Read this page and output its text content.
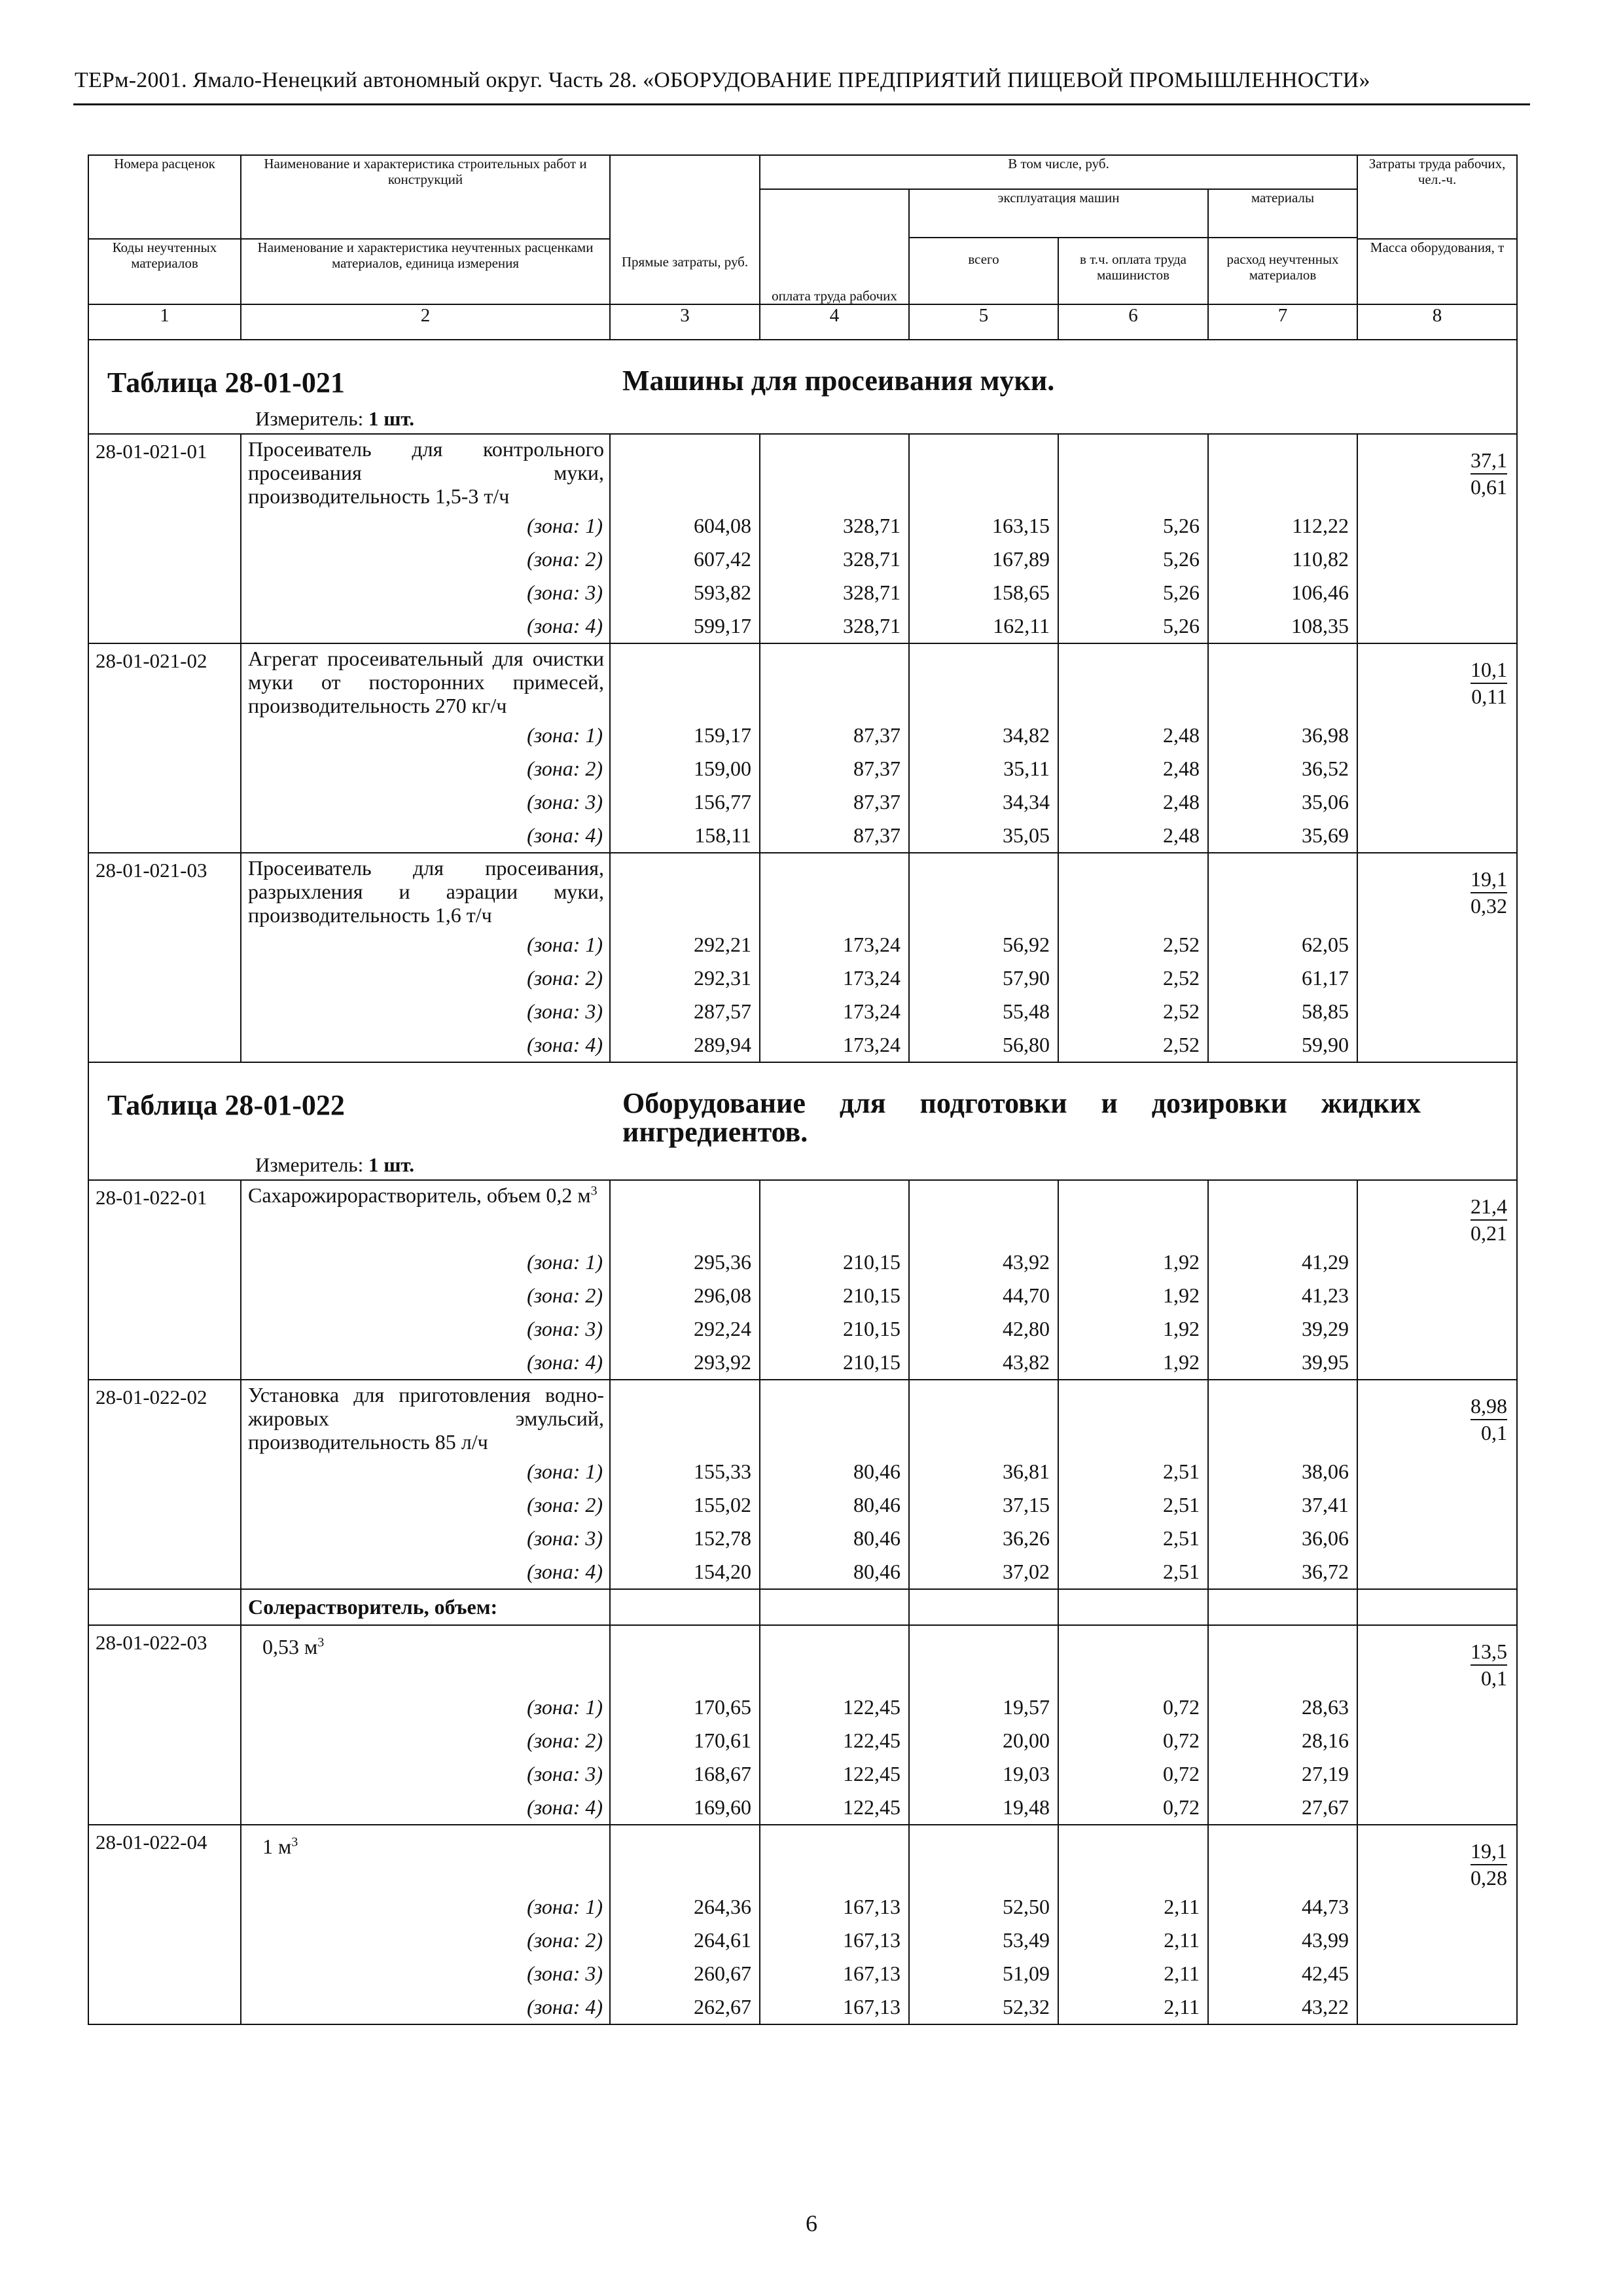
ТЕРм-2001. Ямало-Ненецкий автономный округ. Часть 28. «ОБОРУДОВАНИЕ ПРЕДПРИЯТИЙ ПИЩЕВОЙ ПРОМЫШЛЕННОСТИ»
Номера расценок	Наименование и характеристика строительных работ и конструкций	Прямые затраты, руб.	В том числе, руб.				Затраты труда рабочих, чел.-ч.
			оплата труда рабочих	эксплуатация машин		материалы	
				всего	в т.ч. оплата труда машинистов	расход неучтенных материалов	
Коды неучтенных материалов	Наименование и характеристика неучтенных расценками материалов, единица измерения						Масса оборудования, т

1	2	3	4	5	6	7	8
Таблица 28-01-021 Машины для просеивания муки.
Измеритель: 1 шт.							

28-01-021-01	Просеиватель для контрольного просеивания муки, производительность 1,5-3 т/ч						37,1
0,61
	(зона: 1)	604,08	328,71	163,15	5,26	112,22	
	(зона: 2)	607,42	328,71	167,89	5,26	110,82	
	(зона: 3)	593,82	328,71	158,65	5,26	106,46	
	(зона: 4)	599,17	328,71	162,11	5,26	108,35	
28-01-021-02	Агрегат просеивательный для очистки муки от посторонних примесей, производительность 270 кг/ч						10,1
0,11
	(зона: 1)	159,17	87,37	34,82	2,48	36,98	
	(зона: 2)	159,00	87,37	35,11	2,48	36,52	
	(зона: 3)	156,77	87,37	34,34	2,48	35,06	
	(зона: 4)	158,11	87,37	35,05	2,48	35,69	
28-01-021-03	Просеиватель для просеивания, разрыхления и аэрации муки, производительность 1,6 т/ч						19,1
0,32
	(зона: 1)	292,21	173,24	56,92	2,52	62,05	
	(зона: 2)	292,31	173,24	57,90	2,52	61,17	
	(зона: 3)	287,57	173,24	55,48	2,52	58,85	
	(зона: 4)	289,94	173,24	56,80	2,52	59,90	
Таблица 28-01-022 Оборудование для подготовки и дозировки жидких ингредиентов.
Измеритель: 1 шт.							

28-01-022-01	Сахарожирорастворитель, объем 0,2 $м^3$						21,4
0,21
	(зона: 1)	295,36	210,15	43,92	1,92	41,29	
	(зона: 2)	296,08	210,15	44,70	1,92	41,23	
	(зона: 3)	292,24	210,15	42,80	1,92	39,29	
	(зона: 4)	293,92	210,15	43,82	1,92	39,95	
28-01-022-02	Установка для приготовления водно-жировых эмульсий, производительность 85 л/ч						8,98
0,1
	(зона: 1)	155,33	80,46	36,81	2,51	38,06	
	(зона: 2)	155,02	80,46	37,15	2,51	37,41	
	(зона: 3)	152,78	80,46	36,26	2,51	36,06	
	(зона: 4)	154,20	80,46	37,02	2,51	36,72	
	Солерастворитель, объем:						
28-01-022-03	0,53 $м^3$						13,5
0,1
	(зона: 1)	170,65	122,45	19,57	0,72	28,63	
	(зона: 2)	170,61	122,45	20,00	0,72	28,16	
	(зона: 3)	168,67	122,45	19,03	0,72	27,19	
	(зона: 4)	169,60	122,45	19,48	0,72	27,67	
28-01-022-04	1 $м^3$						19,1
0,28
	(зона: 1)	264,36	167,13	52,50	2,11	44,73	
	(зона: 2)	264,61	167,13	53,49	2,11	43,99	
	(зона: 3)	260,67	167,13	51,09	2,11	42,45	
	(зона: 4)	262,67	167,13	52,32	2,11	43,22	
6
